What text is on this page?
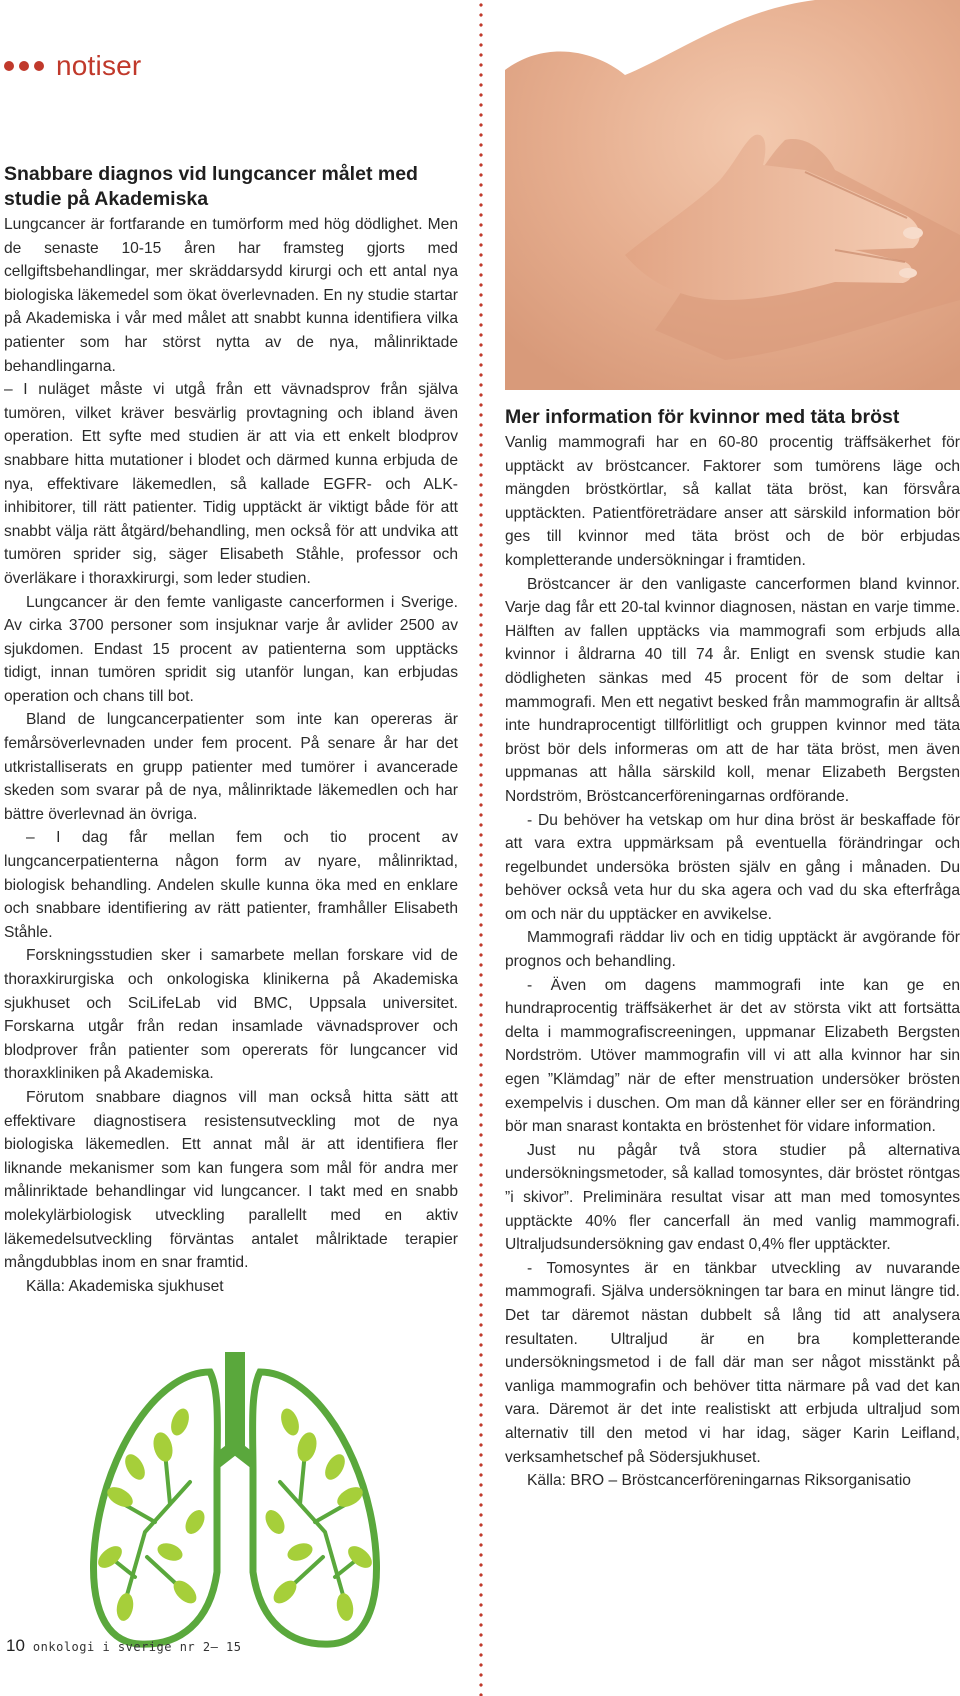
notiser
Snabbare diagnos vid lungcancer målet med studie på Akademiska

Lungcancer är fortfarande en tumörform med hög dödlighet. Men de senaste 10-15 åren har framsteg gjorts med cellgiftsbehandlingar, mer skräddarsydd kirurgi och ett antal nya biologiska läkemedel som ökat överlevnaden. En ny studie startar på Akademiska i vår med målet att snabbt kunna identifiera vilka patienter som har störst nytta av de nya, målinriktade behandlingarna.

– I nuläget måste vi utgå från ett vävnadsprov från själva tumören, vilket kräver besvärlig provtagning och ibland även operation. Ett syfte med studien är att via ett enkelt blodprov snabbare hitta mutationer i blodet och därmed kunna erbjuda de nya, effektivare läkemedlen, så kallade EGFR- och ALK-inhibitorer, till rätt patienter. Tidig upptäckt är viktigt både för att snabbt välja rätt åtgärd/behandling, men också för att undvika att tumören sprider sig, säger Elisabeth Ståhle, professor och överläkare i thoraxkirurgi, som leder studien.

Lungcancer är den femte vanligaste cancerformen i Sverige. Av cirka 3700 personer som insjuknar varje år avlider 2500 av sjukdomen. Endast 15 procent av patienterna som upptäcks tidigt, innan tumören spridit sig utanför lungan, kan erbjudas operation och chans till bot.

Bland de lungcancerpatienter som inte kan opereras är femårsöverlevnaden under fem procent. På senare år har det utkristalliserats en grupp patienter med tumörer i avancerade skeden som svarar på de nya, målinriktade läkemedlen och har bättre överlevnad än övriga.

– I dag får mellan fem och tio procent av lungcancerpatienterna någon form av nyare, målinriktad, biologisk behandling. Andelen skulle kunna öka med en enklare och snabbare identifiering av rätt patienter, framhåller Elisabeth Ståhle.

Forskningsstudien sker i samarbete mellan forskare vid de thoraxkirurgiska och onkologiska klinikerna på Akademiska sjukhuset och SciLifeLab vid BMC, Uppsala universitet. Forskarna utgår från redan insamlade vävnadsprover och blodprover från patienter som opererats för lungcancer vid thoraxkliniken på Akademiska.

Förutom snabbare diagnos vill man också hitta sätt att effektivare diagnostisera resistensutveckling mot de nya biologiska läkemedlen. Ett annat mål är att identifiera fler liknande mekanismer som kan fungera som mål för andra mer målinriktade behandlingar vid lungcancer. I takt med en snabb molekylärbiologisk utveckling parallellt med en aktiv läkemedelsutveckling förväntas antalet målriktade terapier mångdubblas inom en snar framtid.

Källa: Akademiska sjukhuset

Mer information för kvinnor med täta bröst

Vanlig mammografi har en 60-80 procentig träffsäkerhet för upptäckt av bröstcancer. Faktorer som tumörens läge och mängden bröstkörtlar, så kallat täta bröst, kan försvåra upptäckten. Patientföreträdare anser att särskild information bör ges till kvinnor med täta bröst och de bör erbjudas kompletterande undersökningar i framtiden.

Bröstcancer är den vanligaste cancerformen bland kvinnor. Varje dag får ett 20-tal kvinnor diagnosen, nästan en varje timme. Hälften av fallen upptäcks via mammografi som erbjuds alla kvinnor i åldrarna 40 till 74 år. Enligt en svensk studie kan dödligheten sänkas med 45 procent för de som deltar i mammografi. Men ett negativt besked från mammografin är alltså inte hundraprocentigt tillförlitligt och gruppen kvinnor med täta bröst bör dels informeras om att de har täta bröst, men även uppmanas att hålla särskild koll, menar Elizabeth Bergsten Nordström, Bröstcancerföreningarnas ordförande.

- Du behöver ha vetskap om hur dina bröst är beskaffade för att vara extra uppmärksam på eventuella förändringar och regelbundet undersöka brösten själv en gång i månaden. Du behöver också veta hur du ska agera och vad du ska efterfråga om och när du upptäcker en avvikelse.

Mammografi räddar liv och en tidig upptäckt är avgörande för prognos och behandling.

- Även om dagens mammografi inte kan ge en hundraprocentig träffsäkerhet är det av största vikt att fortsätta delta i mammografiscreeningen, uppmanar Elizabeth Bergsten Nordström. Utöver mammografin vill vi att alla kvinnor har sin egen ”Klämdag” när de efter menstruation undersöker brösten exempelvis i duschen. Om man då känner eller ser en förändring bör man snarast kontakta en bröstenhet för vidare information.

Just nu pågår två stora studier på alternativa undersökningsmetoder, så kallad tomosyntes, där bröstet röntgas ”i skivor”. Preliminära resultat visar att man med tomosyntes upptäckte 40% fler cancerfall än med vanlig mammografi. Ultraljudsundersökning gav endast 0,4% fler upptäckter.

- Tomosyntes är en tänkbar utveckling av nuvarande mammografi. Själva undersökningen tar bara en minut längre tid. Det tar däremot nästan dubbelt så lång tid att analysera resultaten. Ultraljud är en bra kompletterande undersökningsmetod i de fall där man ser något misstänkt på vanliga mammografin och behöver titta närmare på vad det kan vara. Däremot är det inte realistiskt att erbjuda ultraljud som alternativ till den metod vi har idag, säger Karin Leifland, verksamhetschef på Södersjukhuset.

Källa: BRO – Bröstcancerföreningarnas Riksorganisatio

10 onkologi i sverige nr 2– 15
